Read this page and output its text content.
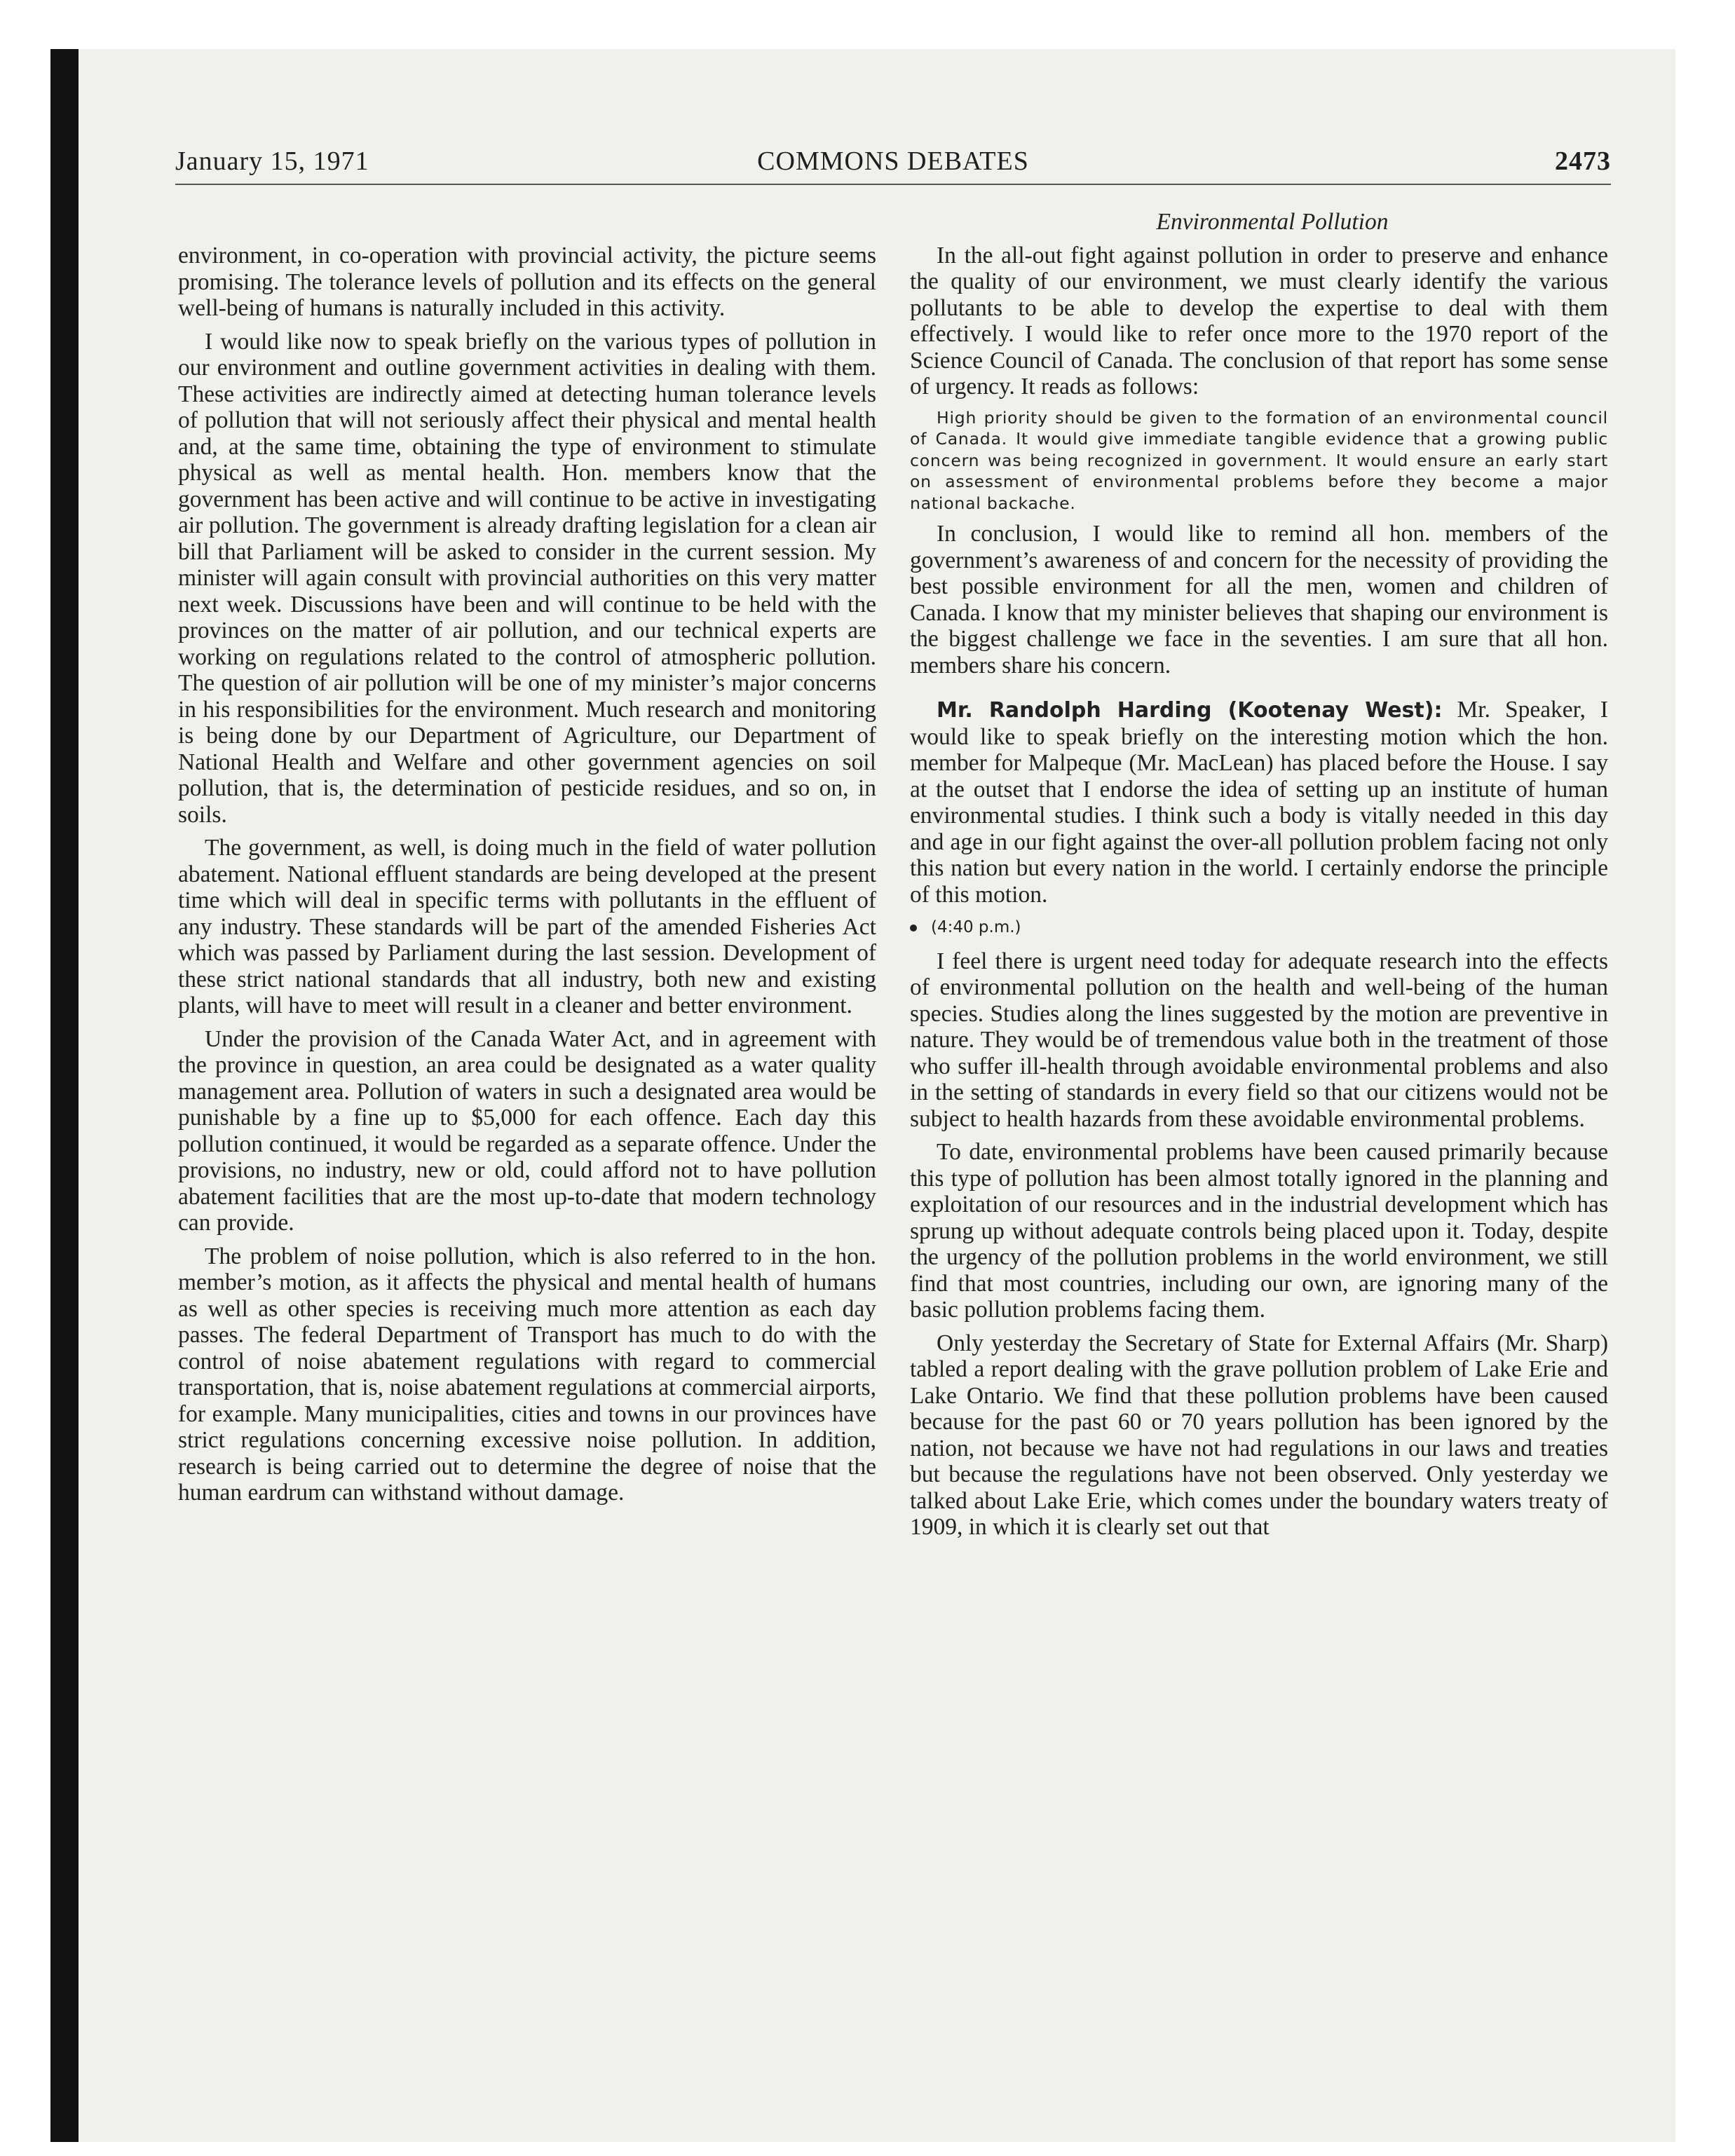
January 15, 1971	COMMONS DEBATES	2473

environment, in co-operation with provincial activity, the picture seems promising. The tolerance levels of pollution and its effects on the general well-being of humans is naturally included in this activity.

I would like now to speak briefly on the various types of pollution in our environment and outline government activities in dealing with them. These activities are indirectly aimed at detecting human tolerance levels of pollution that will not seriously affect their physical and mental health and, at the same time, obtaining the type of environment to stimulate physical as well as mental health. Hon. members know that the government has been active and will continue to be active in investigating air pollution. The government is already drafting legislation for a clean air bill that Parliament will be asked to consider in the current session. My minister will again consult with provincial authorities on this very matter next week. Discussions have been and will continue to be held with the provinces on the matter of air pollution, and our technical experts are working on regulations related to the control of atmospheric pollution. The question of air pollution will be one of my minister’s major concerns in his responsibilities for the environment. Much research and monitoring is being done by our Department of Agriculture, our Department of National Health and Welfare and other government agencies on soil pollution, that is, the determination of pesticide residues, and so on, in soils.

The government, as well, is doing much in the field of water pollution abatement. National effluent standards are being developed at the present time which will deal in specific terms with pollutants in the effluent of any industry. These standards will be part of the amended Fisheries Act which was passed by Parliament during the last session. Development of these strict national standards that all industry, both new and existing plants, will have to meet will result in a cleaner and better environment.

Under the provision of the Canada Water Act, and in agreement with the province in question, an area could be designated as a water quality management area. Pollution of waters in such a designated area would be punishable by a fine up to $5,000 for each offence. Each day this pollution continued, it would be regarded as a separate offence. Under the provisions, no industry, new or old, could afford not to have pollution abatement facilities that are the most up-to-date that modern technology can provide.

The problem of noise pollution, which is also referred to in the hon. member’s motion, as it affects the physical and mental health of humans as well as other species is receiving much more attention as each day passes. The federal Department of Transport has much to do with the control of noise abatement regulations with regard to commercial transportation, that is, noise abatement regulations at commercial airports, for example. Many municipalities, cities and towns in our provinces have strict regulations concerning excessive noise pollution. In addition, research is being carried out to determine the degree of noise that the human eardrum can withstand without damage.

Environmental Pollution

In the all-out fight against pollution in order to preserve and enhance the quality of our environment, we must clearly identify the various pollutants to be able to develop the expertise to deal with them effectively. I would like to refer once more to the 1970 report of the Science Council of Canada. The conclusion of that report has some sense of urgency. It reads as follows:

High priority should be given to the formation of an environmental council of Canada. It would give immediate tangible evidence that a growing public concern was being recognized in government. It would ensure an early start on assessment of environmental problems before they become a major national backache.

In conclusion, I would like to remind all hon. members of the government’s awareness of and concern for the necessity of providing the best possible environment for all the men, women and children of Canada. I know that my minister believes that shaping our environment is the biggest challenge we face in the seventies. I am sure that all hon. members share his concern.

Mr. Randolph Harding (Kootenay West): Mr. Speaker, I would like to speak briefly on the interesting motion which the hon. member for Malpeque (Mr. MacLean) has placed before the House. I say at the outset that I endorse the idea of setting up an institute of human environmental studies. I think such a body is vitally needed in this day and age in our fight against the over-all pollution problem facing not only this nation but every nation in the world. I certainly endorse the principle of this motion.

(4:40 p.m.)

I feel there is urgent need today for adequate research into the effects of environmental pollution on the health and well-being of the human species. Studies along the lines suggested by the motion are preventive in nature. They would be of tremendous value both in the treatment of those who suffer ill-health through avoidable environmental problems and also in the setting of standards in every field so that our citizens would not be subject to health hazards from these avoidable environmental problems.

To date, environmental problems have been caused primarily because this type of pollution has been almost totally ignored in the planning and exploitation of our resources and in the industrial development which has sprung up without adequate controls being placed upon it. Today, despite the urgency of the pollution problems in the world environment, we still find that most countries, including our own, are ignoring many of the basic pollution problems facing them.

Only yesterday the Secretary of State for External Affairs (Mr. Sharp) tabled a report dealing with the grave pollution problem of Lake Erie and Lake Ontario. We find that these pollution problems have been caused because for the past 60 or 70 years pollution has been ignored by the nation, not because we have not had regulations in our laws and treaties but because the regulations have not been observed. Only yesterday we talked about Lake Erie, which comes under the boundary waters treaty of 1909, in which it is clearly set out that
